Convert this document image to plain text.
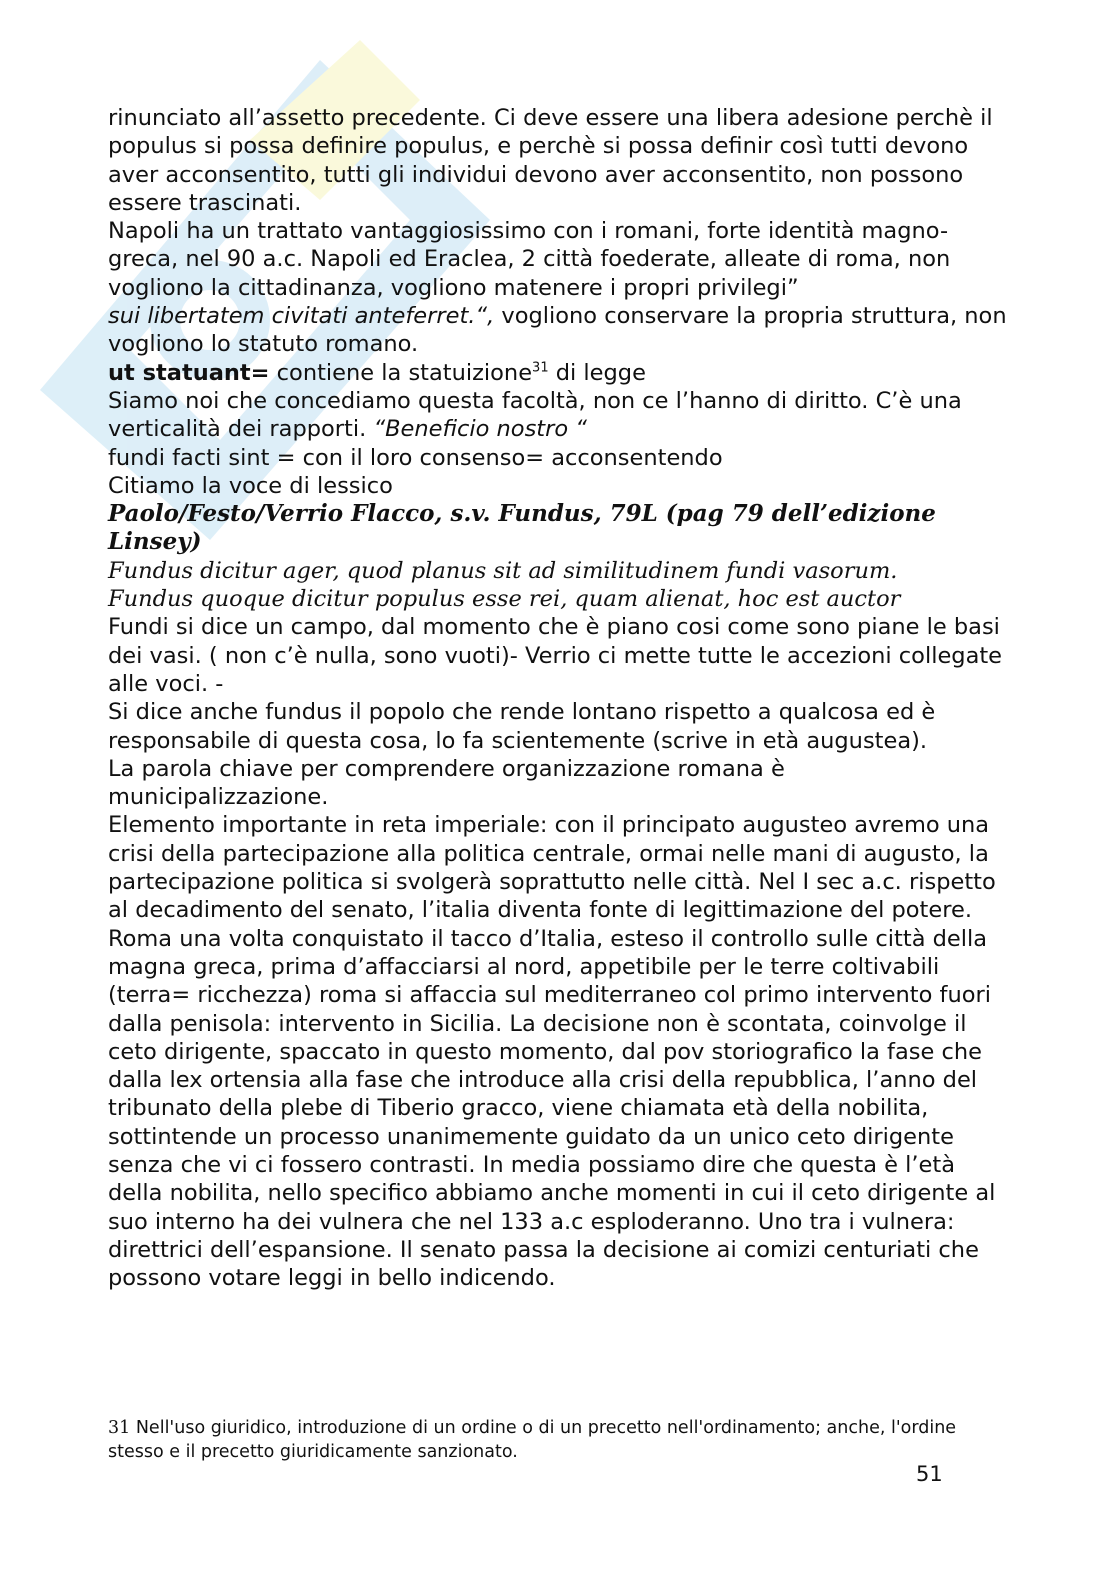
rinunciato all’assetto precedente. Ci deve essere una libera adesione perchè il populus si possa definire populus, e perchè si possa definir così tutti devono aver acconsentito, tutti gli individui devono aver acconsentito, non possono essere trascinati.

Napoli ha un trattato vantaggiosissimo con i romani, forte identità magno-greca, nel 90 a.c. Napoli ed Eraclea, 2 città foederate, alleate di roma, non vogliono la cittadinanza, vogliono matenere i propri privilegi”
sui libertatem civitati anteferret.“, vogliono conservare la propria struttura, non vogliono lo statuto romano.

ut statuant= contiene la statuizione$^{31}$ di legge

Siamo noi che concediamo questa facoltà, non ce l’hanno di diritto. C’è una verticalità dei rapporti. “Beneficio nostro “

fundi facti sint = con il loro consenso= acconsentendo

Citiamo la voce di lessico

Paolo/Festo/Verrio Flacco, s.v. Fundus, 79L (pag 79 dell’edizione Linsey)

Fundus dicitur ager, quod planus sit ad similitudinem fundi vasorum.

Fundus quoque dicitur populus esse rei, quam alienat, hoc est auctor

Fundi si dice un campo, dal momento che è piano cosi come sono piane le basi dei vasi. ( non c’è nulla, sono vuoti)- Verrio ci mette tutte le accezioni collegate alle voci. -

Si dice anche fundus il popolo che rende lontano rispetto a qualcosa ed è responsabile di questa cosa, lo fa scientemente (scrive in età augustea).

La parola chiave per comprendere organizzazione romana è municipalizzazione.

Elemento importante in reta imperiale: con il principato augusteo avremo una crisi della partecipazione alla politica centrale, ormai nelle mani di augusto, la partecipazione politica si svolgerà soprattutto nelle città. Nel I sec a.c. rispetto al decadimento del senato, l’italia diventa fonte di legittimazione del potere.

Roma una volta conquistato il tacco d’Italia, esteso il controllo sulle città della magna greca, prima d’affacciarsi al nord, appetibile per le terre coltivabili (terra= ricchezza) roma si affaccia sul mediterraneo col primo intervento fuori dalla penisola: intervento in Sicilia. La decisione non è scontata, coinvolge il ceto dirigente, spaccato in questo momento, dal pov storiografico la fase che dalla lex ortensia alla fase che introduce alla crisi della repubblica, l’anno del tribunato della plebe di Tiberio gracco, viene chiamata età della nobilita, sottintende un processo unanimemente guidato da un unico ceto dirigente senza che vi ci fossero contrasti. In media possiamo dire che questa è l’età della nobilita, nello specifico abbiamo anche momenti in cui il ceto dirigente al suo interno ha dei vulnera che nel 133 a.c esploderanno. Uno tra i vulnera: direttrici dell’espansione. Il senato passa la decisione ai comizi centuriati che possono votare leggi in bello indicendo.

31 Nell'uso giuridico, introduzione di un ordine o di un precetto nell'ordinamento; anche, l'ordine stesso e il precetto giuridicamente sanzionato.
51
